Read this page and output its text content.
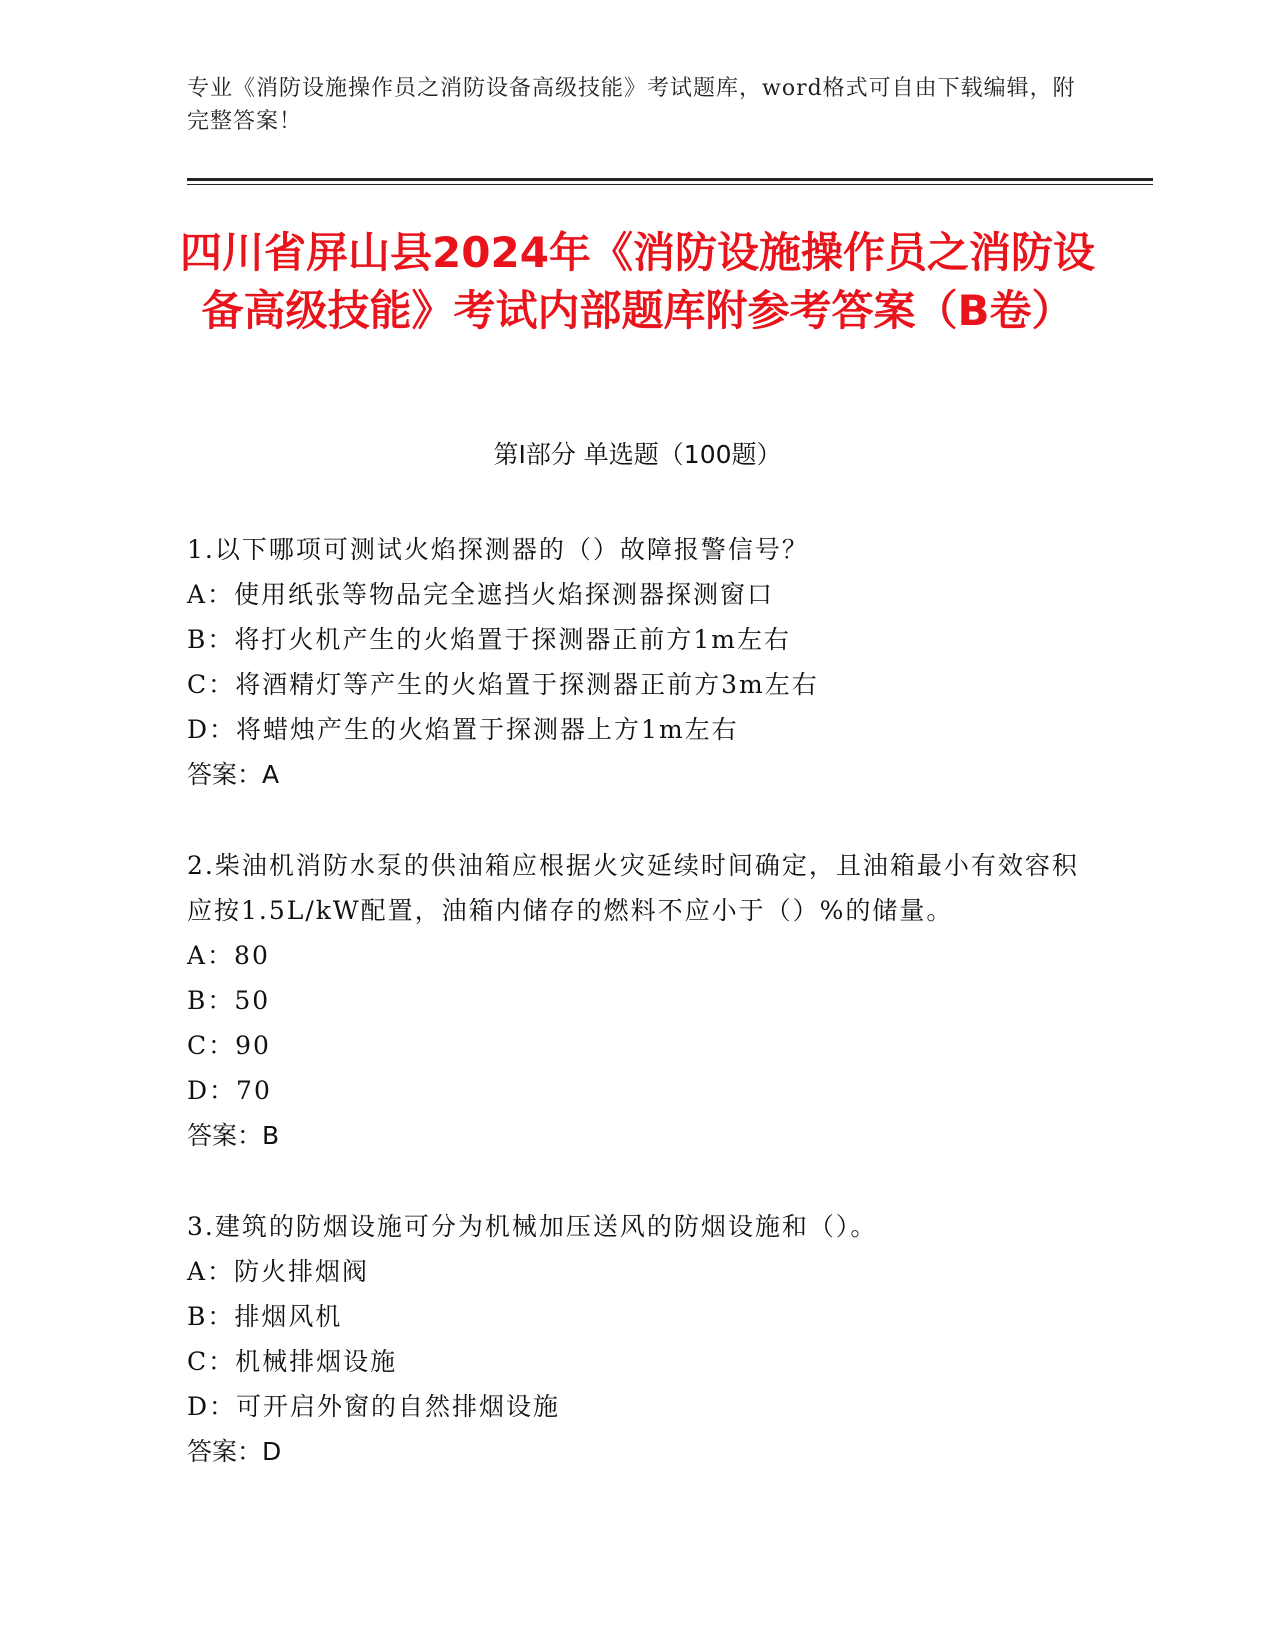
专业《消防设施操作员之消防设备高级技能》考试题库，word格式可自由下载编辑，附完整答案！
四川省屏山县2024年《消防设施操作员之消防设备高级技能》考试内部题库附参考答案（B卷）
第I部分 单选题（100题）

1.以下哪项可测试火焰探测器的（）故障报警信号？

A：使用纸张等物品完全遮挡火焰探测器探测窗口

B：将打火机产生的火焰置于探测器正前方1m左右

C：将酒精灯等产生的火焰置于探测器正前方3m左右

D：将蜡烛产生的火焰置于探测器上方1m左右

答案：A

2.柴油机消防水泵的供油箱应根据火灾延续时间确定，且油箱最小有效容积应按1.5L/kW配置，油箱内储存的燃料不应小于（）%的储量。

A：80

B：50

C：90

D：70

答案：B

3.建筑的防烟设施可分为机械加压送风的防烟设施和（）。

A：防火排烟阀

B：排烟风机

C：机械排烟设施

D：可开启外窗的自然排烟设施

答案：D
